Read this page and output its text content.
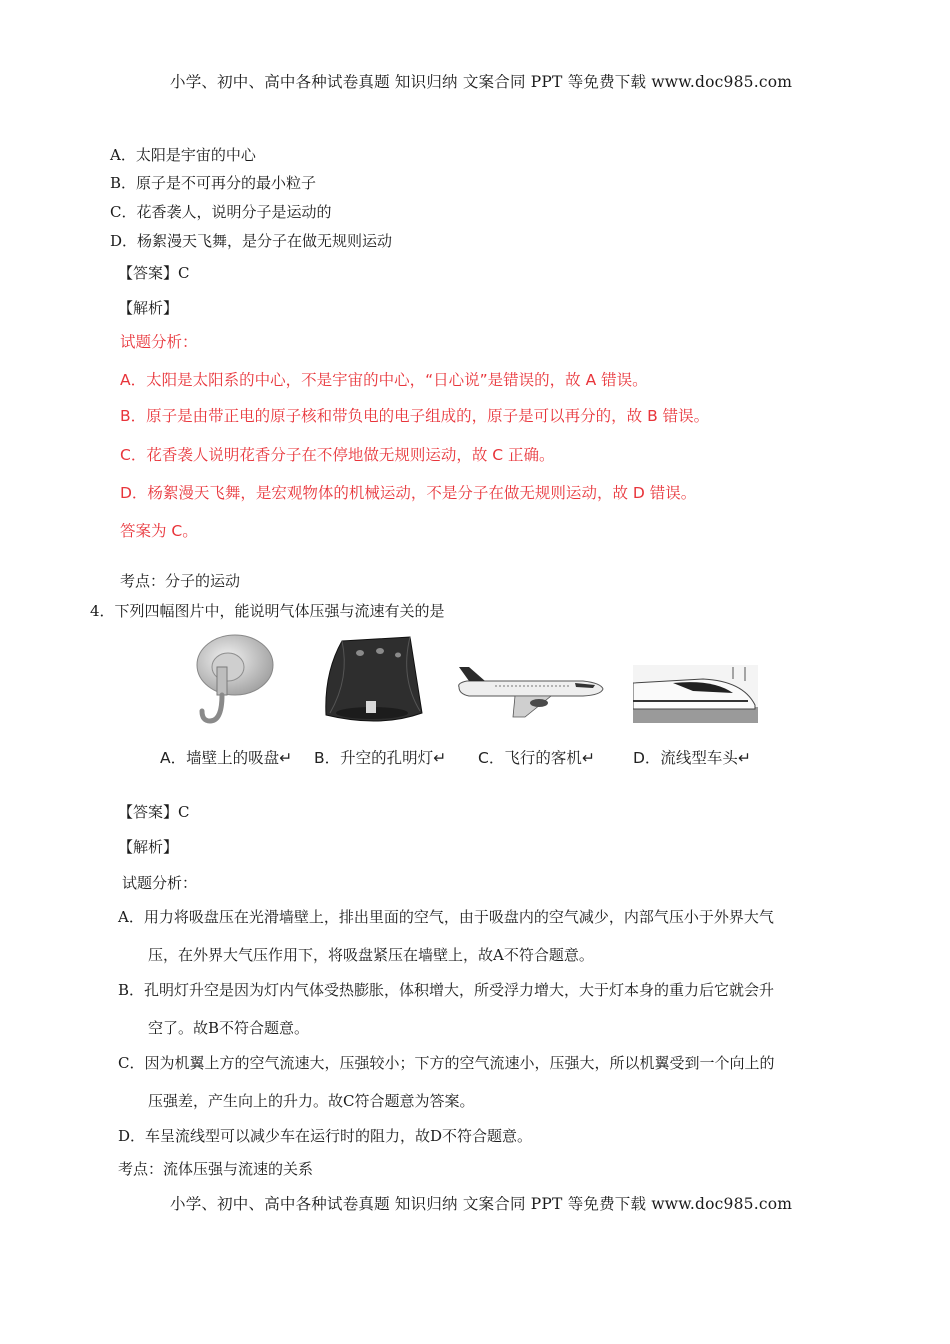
小学、初中、高中各种试卷真题 知识归纳 文案合同 PPT 等免费下载 www.doc985.com
A．太阳是宇宙的中心
B．原子是不可再分的最小粒子
C．花香袭人，说明分子是运动的
D．杨絮漫天飞舞，是分子在做无规则运动
【答案】C
【解析】
试题分析：
A．太阳是太阳系的中心，不是宇宙的中心，“日心说”是错误的，故 A 错误。
B．原子是由带正电的原子核和带负电的电子组成的，原子是可以再分的，故 B 错误。
C．花香袭人说明花香分子在不停地做无规则运动，故 C 正确。
D．杨絮漫天飞舞，是宏观物体的机械运动，不是分子在做无规则运动，故 D 错误。
答案为 C。
考点：分子的运动
4．下列四幅图片中，能说明气体压强与流速有关的是
A．墙壁上的吸盘↵ B．升空的孔明灯↵ C．飞行的客机↵ D．流线型车头↵
【答案】C
【解析】
试题分析：
A．用力将吸盘压在光滑墙壁上，排出里面的空气，由于吸盘内的空气减少，内部气压小于外界大气
压，在外界大气压作用下，将吸盘紧压在墙壁上，故A不符合题意。
B．孔明灯升空是因为灯内气体受热膨胀，体积增大，所受浮力增大，大于灯本身的重力后它就会升
空了。故B不符合题意。
C．因为机翼上方的空气流速大，压强较小；下方的空气流速小，压强大，所以机翼受到一个向上的
压强差，产生向上的升力。故C符合题意为答案。
D．车呈流线型可以减少车在运行时的阻力，故D不符合题意。
考点：流体压强与流速的关系
小学、初中、高中各种试卷真题 知识归纳 文案合同 PPT 等免费下载 www.doc985.com
